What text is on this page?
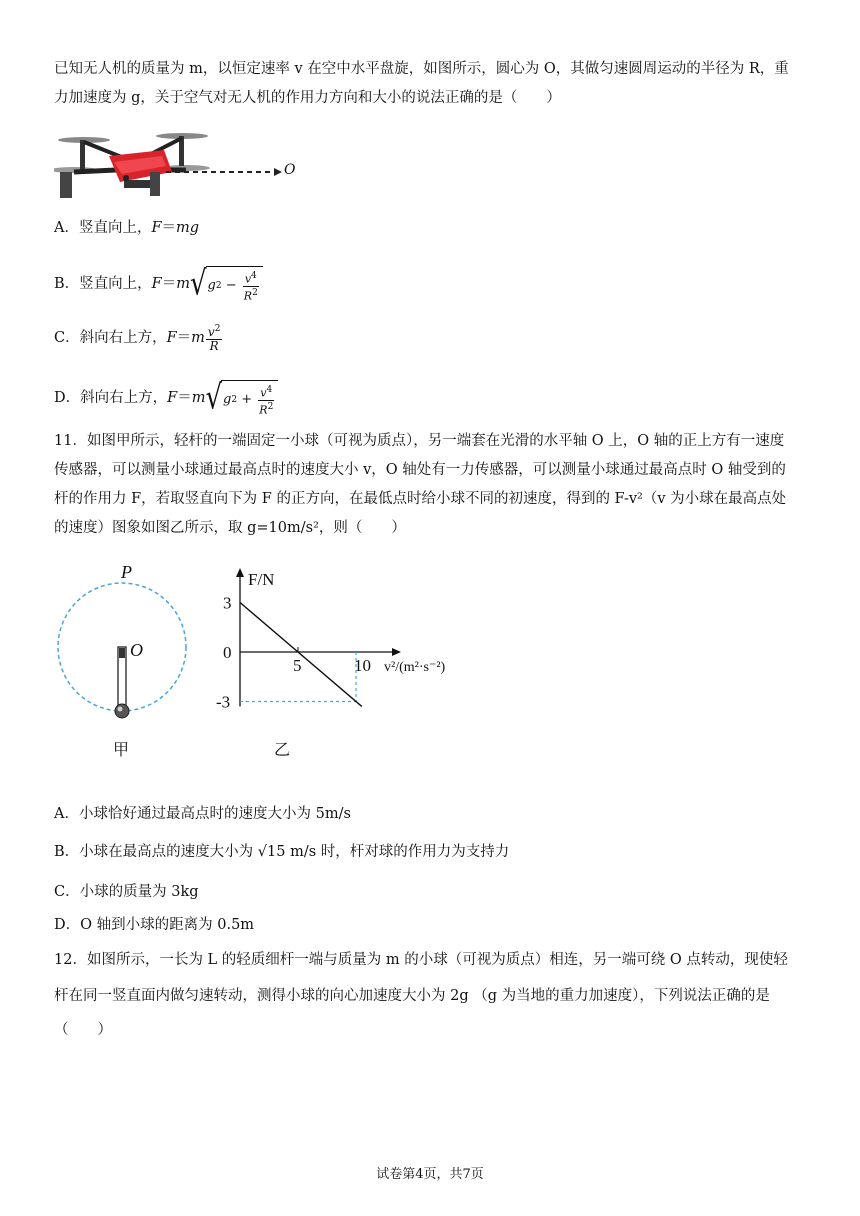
已知无人机的质量为 m，以恒定速率 v 在空中水平盘旋，如图所示，圆心为 O，其做匀速圆周运动的半径为 R，重
力加速度为 g，关于空气对无人机的作用力方向和大小的说法正确的是（　　）
O
A．竖直向上，F＝mg
B．竖直向上，F＝m √ g $2 - \frac{v^4}{R^2}$
C．斜向右上方，$F=m \frac{v^2}{R}$
D．斜向右上方，F＝m √ g $2 + \frac{v^4}{R^2}$
11．如图甲所示，轻杆的一端固定一小球（可视为质点），另一端套在光滑的水平轴 O 上，O 轴的正上方有一速度
传感器，可以测量小球通过最高点时的速度大小 v，O 轴处有一力传感器，可以测量小球通过最高点时 O 轴受到的
杆的作用力 F，若取竖直向下为 F 的正方向，在最低点时给小球不同的初速度，得到的 F-v²（v 为小球在最高点处
的速度）图象如图乙所示，取 g=10m/s²，则（　　）
P
O
甲
F/N
v²/(m²·s⁻²)
3
0
-3
5	10
乙
A．小球恰好通过最高点时的速度大小为 5m/s
B．小球在最高点的速度大小为 √15 m/s 时，杆对球的作用力为支持力
C．小球的质量为 3kg
D．O 轴到小球的距离为 0.5m
12．如图所示，一长为 L 的轻质细杆一端与质量为 m 的小球（可视为质点）相连，另一端可绕 O 点转动，现使轻
杆在同一竖直面内做匀速转动，测得小球的向心加速度大小为 2g （g 为当地的重力加速度），下列说法正确的是
（　　）
试卷第4页，共7页
